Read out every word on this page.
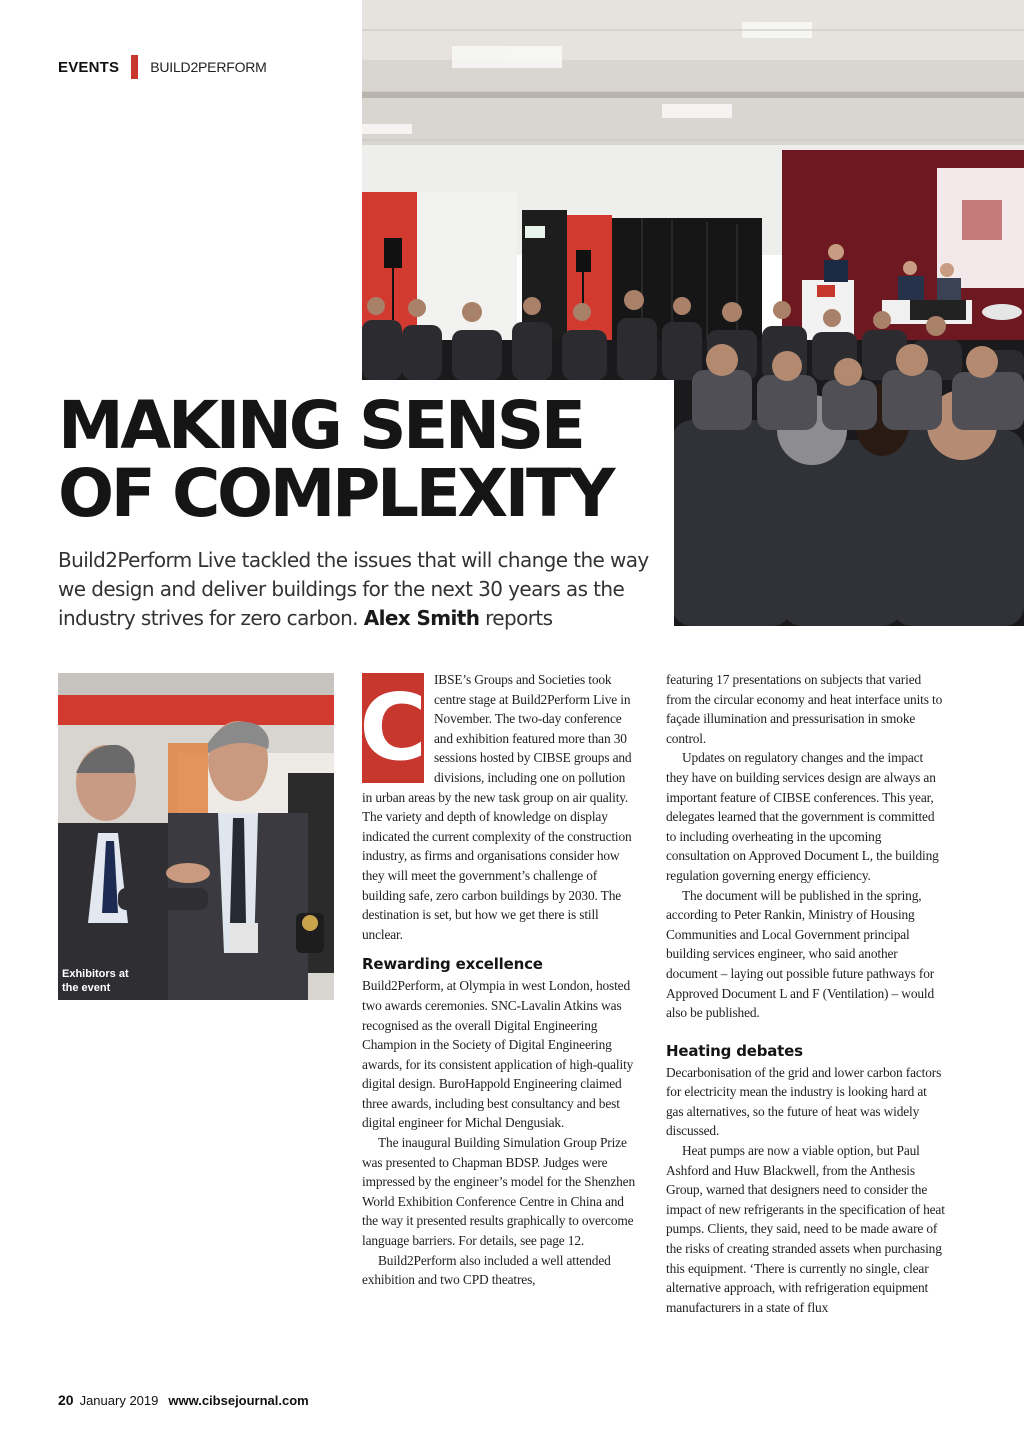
EVENTS BUILD2PERFORM
MAKING SENSE
OF COMPLEXITY

Build2Perform Live tackled the issues that will change the way we design and deliver buildings for the next 30 years as the industry strives for zero carbon. Alex Smith reports

Exhibitors at the event
C IBSE’s Groups and Societies took centre stage at Build2Perform Live in November. The two-day conference and exhibition featured more than 30 sessions hosted by CIBSE groups and divisions, including one on pollution in urban areas by the new task group on air quality. The variety and depth of knowledge on display indicated the current complexity of the construction industry, as firms and organisations consider how they will meet the government’s challenge of building safe, zero carbon buildings by 2030. The destination is set, but how we get there is still unclear.

Rewarding excellence

Build2Perform, at Olympia in west London, hosted two awards ceremonies. SNC-Lavalin Atkins was recognised as the overall Digital Engineering Champion in the Society of Digital Engineering awards, for its consistent application of high-quality digital design. BuroHappold Engineering claimed three awards, including best consultancy and best digital engineer for Michal Dengusiak.

The inaugural Building Simulation Group Prize was presented to Chapman BDSP. Judges were impressed by the engineer’s model for the Shenzhen World Exhibition Conference Centre in China and the way it presented results graphically to overcome language barriers. For details, see page 12.

Build2Perform also included a well attended exhibition and two CPD theatres,

featuring 17 presentations on subjects that varied from the circular economy and heat interface units to façade illumination and pressurisation in smoke control.

Updates on regulatory changes and the impact they have on building services design are always an important feature of CIBSE conferences. This year, delegates learned that the government is committed to including overheating in the upcoming consultation on Approved Document L, the building regulation governing energy efficiency.

The document will be published in the spring, according to Peter Rankin, Ministry of Housing Communities and Local Government principal building services engineer, who said another document – laying out possible future pathways for Approved Document L and F (Ventilation) – would also be published.

Heating debates

Decarbonisation of the grid and lower carbon factors for electricity mean the industry is looking hard at gas alternatives, so the future of heat was widely discussed.

Heat pumps are now a viable option, but Paul Ashford and Huw Blackwell, from the Anthesis Group, warned that designers need to consider the impact of new refrigerants in the specification of heat pumps. Clients, they said, need to be made aware of the risks of creating stranded assets when purchasing this equipment. ‘There is currently no single, clear alternative approach, with refrigeration equipment manufacturers in a state of flux

20 January 2019 www.cibsejournal.com
